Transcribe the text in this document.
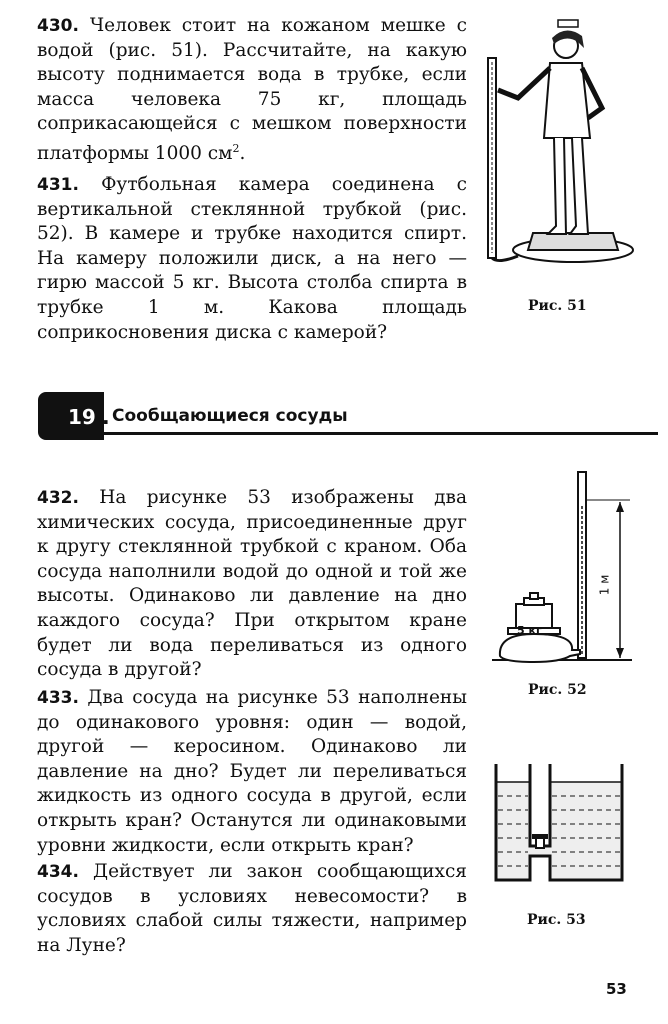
430. Человек стоит на кожаном мешке с водой (рис. 51). Рассчитайте, на какую высоту поднимается вода в трубке, если масса человека 75 кг, площадь соприкасающейся с мешком поверхности платформы 1000 $см^2$.
431. Футбольная камера соединена с вертикальной стеклянной трубкой (рис. 52). В камере и трубке находится спирт. На камеру положили диск, а на него — гирю массой 5 кг. Высота столба спирта в трубке 1 м. Какова площадь соприкосновения диска с камерой?
Рис. 51
19 . Сообщающиеся сосуды
432. На рисунке 53 изображены два химических сосуда, присоединенные друг к другу стеклянной трубкой с краном. Оба сосуда наполнили водой до одной и той же высоты. Одинаково ли давление на дно каждого сосуда? При открытом кране будет ли вода переливаться из одного сосуда в другой?
433. Два сосуда на рисунке 53 наполнены до одинакового уровня: один — водой, другой — керосином. Одинаково ли давление на дно? Будет ли переливаться жидкость из одного сосуда в другой, если открыть кран? Останутся ли одинаковыми уровни жидкости, если открыть кран?
434. Действует ли закон сообщающихся сосудов в условиях невесомости? в условиях слабой силы тяжести, например на Луне?
5 кг
1 м
Рис. 52
Рис. 53
53
